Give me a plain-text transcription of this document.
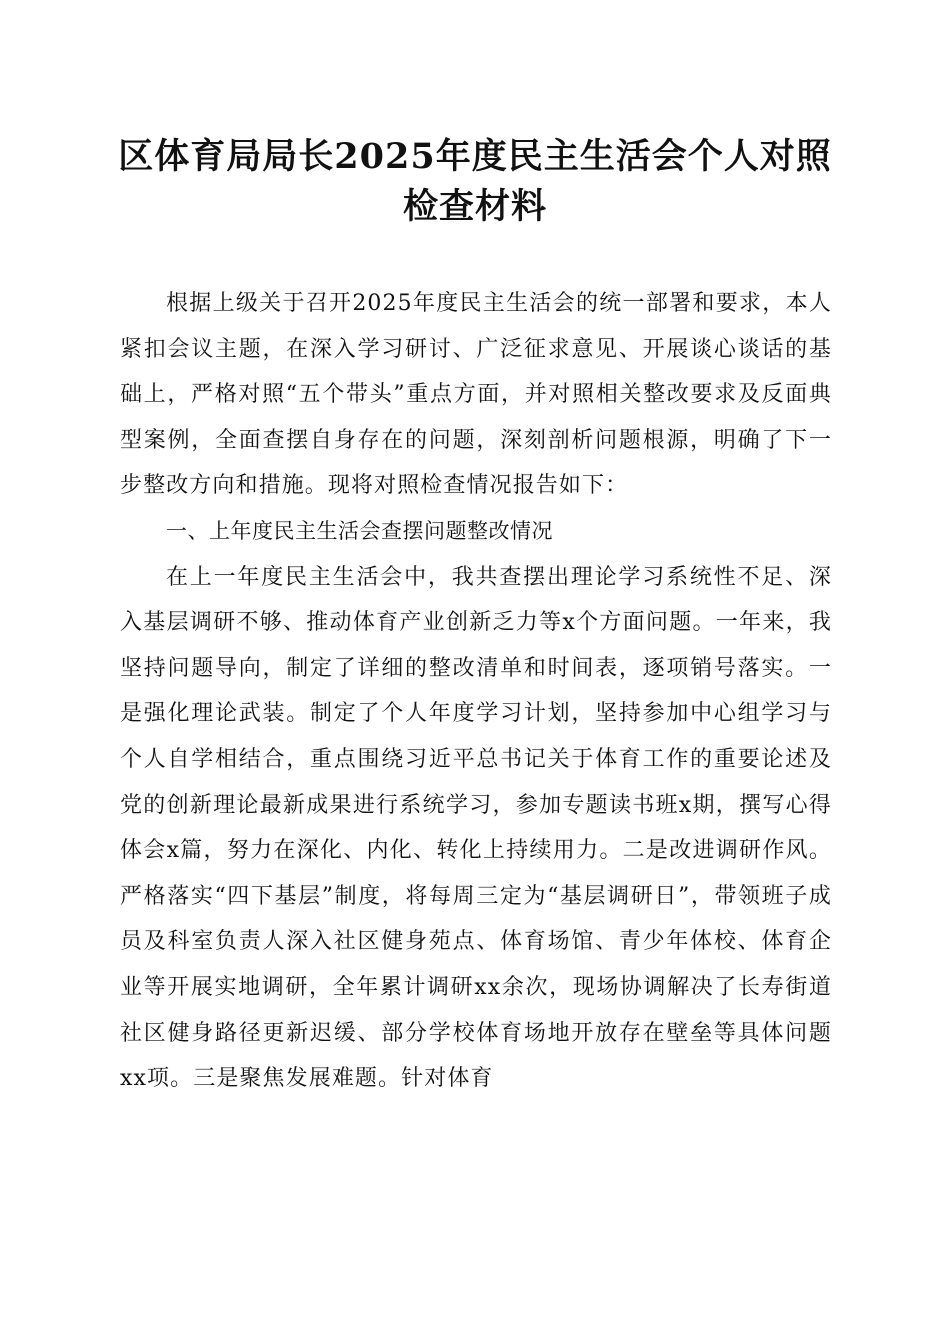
区体育局局长2025年度民主生活会个人对照
检查材料

根据上级关于召开2025年度民主生活会的统一部署和要求，本人紧扣会议主题，在深入学习研讨、广泛征求意见、开展谈心谈话的基础上，严格对照“五个带头”重点方面，并对照相关整改要求及反面典型案例，全面查摆自身存在的问题，深刻剖析问题根源，明确了下一步整改方向和措施。现将对照检查情况报告如下：

一、上年度民主生活会查摆问题整改情况

在上一年度民主生活会中，我共查摆出理论学习系统性不足、深入基层调研不够、推动体育产业创新乏力等x个方面问题。一年来，我坚持问题导向，制定了详细的整改清单和时间表，逐项销号落实。一是强化理论武装。制定了个人年度学习计划，坚持参加中心组学习与个人自学相结合，重点围绕习近平总书记关于体育工作的重要论述及党的创新理论最新成果进行系统学习，参加专题读书班x期，撰写心得体会x篇，努力在深化、内化、转化上持续用力。二是改进调研作风。严格落实“四下基层”制度，将每周三定为“基层调研日”，带领班子成员及科室负责人深入社区健身苑点、体育场馆、青少年体校、体育企业等开展实地调研，全年累计调研xx余次，现场协调解决了长寿街道社区健身路径更新迟缓、部分学校体育场地开放存在壁垒等具体问题xx项。三是聚焦发展难题。针对体育
